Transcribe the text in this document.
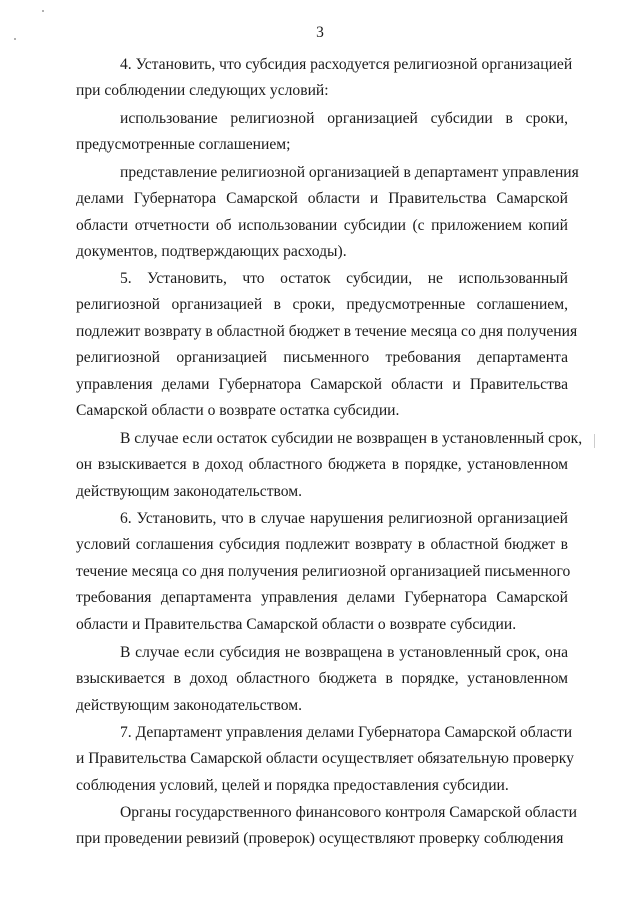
3
4. Установить, что субсидия расходуется религиозной организацией
при соблюдении следующих условий:
использование религиозной организацией субсидии в сроки,
предусмотренные соглашением;
представление религиозной организацией в департамент управления
делами Губернатора Самарской области и Правительства Самарской
области отчетности об использовании субсидии (с приложением копий
документов, подтверждающих расходы).
5. Установить, что остаток субсидии, не использованный
религиозной организацией в сроки, предусмотренные соглашением,
подлежит возврату в областной бюджет в течение месяца со дня получения
религиозной организацией письменного требования департамента
управления делами Губернатора Самарской области и Правительства
Самарской области о возврате остатка субсидии.
В случае если остаток субсидии не возвращен в установленный срок,
он взыскивается в доход областного бюджета в порядке, установленном
действующим законодательством.
6. Установить, что в случае нарушения религиозной организацией
условий соглашения субсидия подлежит возврату в областной бюджет в
течение месяца со дня получения религиозной организацией письменного
требования департамента управления делами Губернатора Самарской
области и Правительства Самарской области о возврате субсидии.
В случае если субсидия не возвращена в установленный срок, она
взыскивается в доход областного бюджета в порядке, установленном
действующим законодательством.
7. Департамент управления делами Губернатора Самарской области
и Правительства Самарской области осуществляет обязательную проверку
соблюдения условий, целей и порядка предоставления субсидии.
Органы государственного финансового контроля Самарской области
при проведении ревизий (проверок) осуществляют проверку соблюдения
